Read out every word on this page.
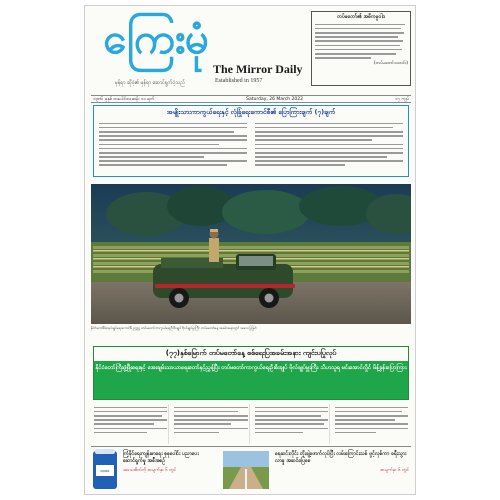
ကြေးမုံ
မှန်ရာ ဆိုဝံ့၏ မှန်ရာ ဆောင်ရွက်ဝံ့သည်
The Mirror Daily
Established in 1957
တပ်မတော်၏ အဓိကမူဝါဒ
(တပ်မတော်သတင်း)
၁၃၈၆ ခုနှစ် တပေါင်းလဆန်း ၁၁ ရက်	Saturday, 26 March 2022	၁၇ ကျပ်
အမျိုးသားကာကွယ်ရေးနှင့် လုံခြုံရေးကောင်စီ၏ ပြောကြားချက် (၇)ချက်
နိုင်ငံတော်စီမံအုပ်ချုပ်ရေးကောင်စီ ဥက္ကဋ္ဌ တပ်မတော်ကာကွယ်ရေးဦးစီးချုပ် ဗိုလ်ချုပ်မှူးကြီး တပ်မတော်နေ့ အခမ်းအနားတွင် အလေးပြုခြင်း
(၇၇)နှစ်မြောက် တပ်မတော်နေ့ စစ်ရေးပြအခမ်းအနား ကျင်းပပြုလုပ်
နိုင်ငံတော်ကြီးဖွံ့ဖြိုးရေးနှင့် အေးချမ်းသာယာရေးတော်နှင့်ညွှန့်ပြီး တပ်မတော်ကာကွယ်ရေးဦးစီးချုပ် ဗိုလ်ချုပ်မှူးကြီး သီဟသူရ မင်းအောင်လှိုင် မိန့်ခွန်းပြောကြား
၁၁၁၁
ကြံ့ခိုင်ရေးကျန်းမာရေး စုစုပေါင်း ပညာပေး ဆောင်ရွက်မှု အစီအစဉ်
အသေးစိတ်ကို စာမျက်နှာ ၆ တွင်
ရေဆင်းလိုင်း တိုးချဲ့ဖောက်လုပ်ပြီး လမ်းကြောင်းသစ် ဖွင့်လှစ်ကာ ခရီးသွားလာမှု အဆင်ပြေစေ
စာမျက်နှာ ၆ တွင်
